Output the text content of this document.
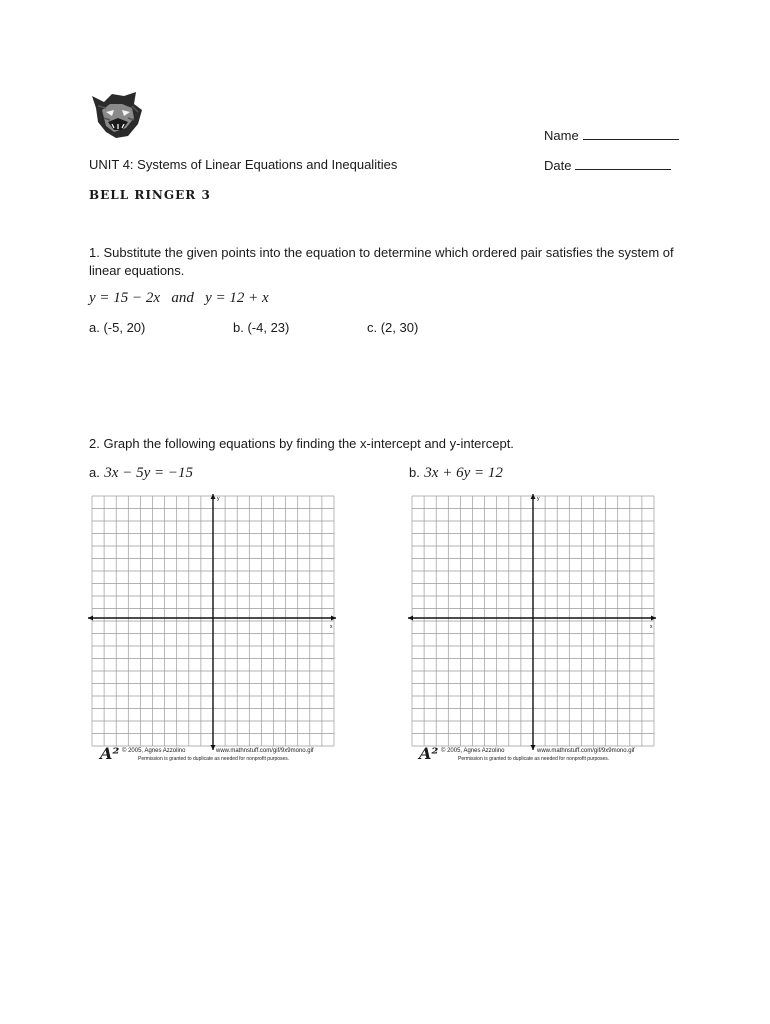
Name
Date
UNIT 4: Systems of Linear Equations and Inequalities
BELL RINGER 3
1. Substitute the given points into the equation to determine which ordered pair satisfies the system of linear equations.
y = 15 − 2x and y = 12 + x
a. (-5, 20)	b. (-4, 23)	c. (2, 30)
2. Graph the following equations by finding the x-intercept and y-intercept.
a. 3x − 5y = −15	b. 3x + 6y = 12
x
y
x
y
A² © 2005, Agnes Azzolino	www.mathnstuff.com/gif/9x9mono.gif
Permission is granted to duplicate as needed for nonprofit purposes.	A² © 2005, Agnes Azzolino	www.mathnstuff.com/gif/9x9mono.gif
Permission is granted to duplicate as needed for nonprofit purposes.
